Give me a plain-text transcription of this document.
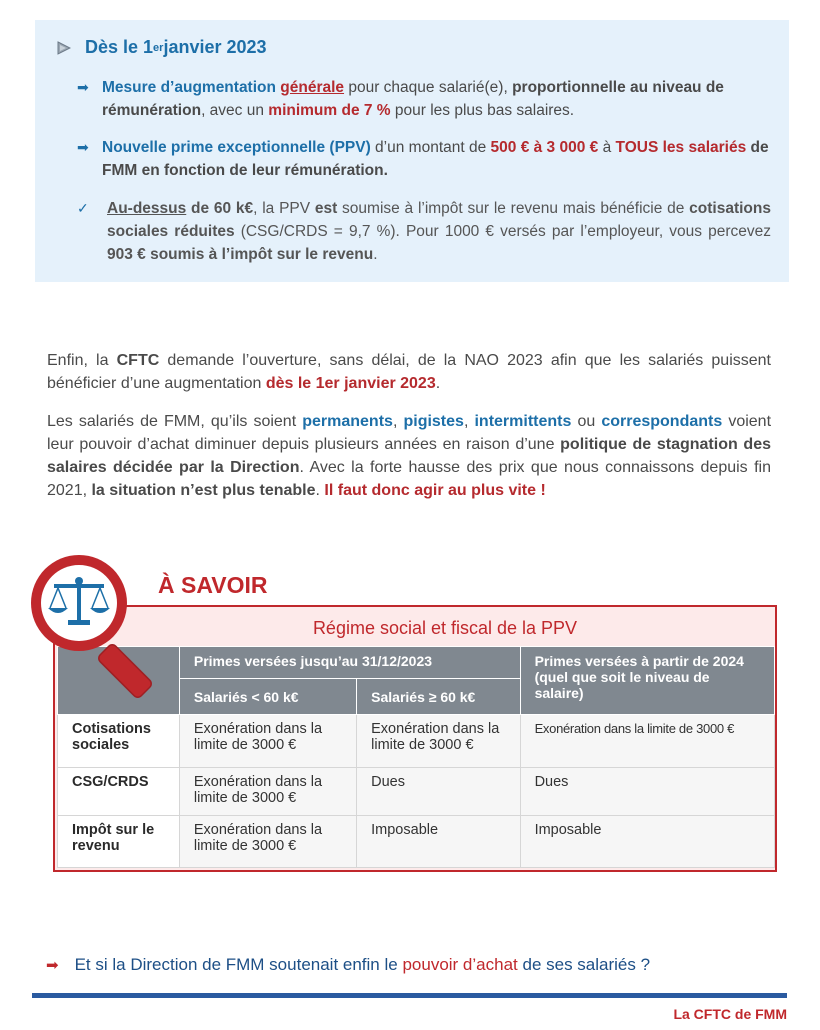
Dès le 1 er janvier 2023
➡ Mesure d’augmentation générale pour chaque salarié(e), proportionnelle au niveau de rémunération, avec un minimum de 7 % pour les plus bas salaires.
➡ Nouvelle prime exceptionnelle (PPV) d’un montant de 500 € à 3 000 € à TOUS les salariés de FMM en fonction de leur rémunération.
✓	Au-dessus de 60 k€, la PPV est soumise à l’impôt sur le revenu mais bénéficie de cotisations sociales réduites (CSG/CRDS = 9,7 %). Pour 1000 € versés par l’employeur, vous percevez 903 € soumis à l’impôt sur le revenu.

Enfin, la CFTC demande l’ouverture, sans délai, de la NAO 2023 afin que les salariés puissent bénéficier d’une augmentation dès le 1er janvier 2023.

Les salariés de FMM, qu’ils soient permanents, pigistes, intermittents ou correspondants voient leur pouvoir d’achat diminuer depuis plusieurs années en raison d’une politique de stagnation des salaires décidée par la Direction. Avec la forte hausse des prix que nous connaissons depuis fin 2021, la situation n’est plus tenable. Il faut donc agir au plus vite !

Régime social et fiscal de la PPV
	Primes versées jusqu’au 31/12/2023		Primes versées à partir de 2024 (quel que soit le niveau de salaire)
	Salariés < 60 k€	Salariés ≥ 60 k€	
Cotisations sociales	Exonération dans la limite de 3000 €	Exonération dans la limite de 3000 €	Exonération dans la limite de 3000 €
CSG/CRDS	Exonération dans la limite de 3000 €	Dues	Dues
Impôt sur le revenu	Exonération dans la limite de 3000 €	Imposable	Imposable
À SAVOIR
➡ Et si la Direction de FMM soutenait enfin le pouvoir d’achat de ses salariés ?
La CFTC de FMM
